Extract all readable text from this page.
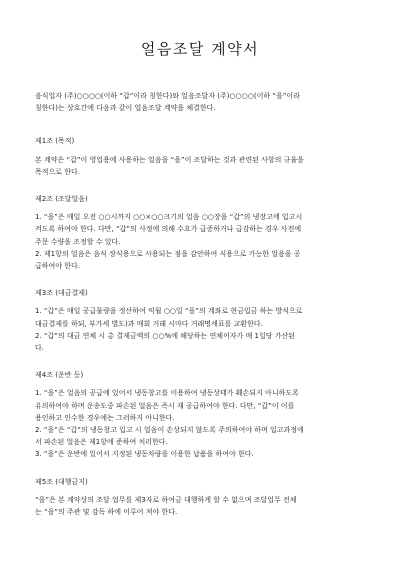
얼음조달 계약서
음식업자 (주)○○○○(이하 “갑”이라 칭한다)와 얼음조달자 (주)○○○○(이하 “을”이라
칭한다)는 상호간에 다음과 같이 얼음조달 계약을 체결한다.
제1조 (목적)
본 계약은 “갑”이 영업용에 사용하는 얼음을 “을”이 조달하는 것과 관련된 사항의 규율을
목적으로 한다.
제2조 (조달얼음)
1. “을”은 매일 오전 ○○시까지 ○○×○○크기의 얼음 ○○장을 “갑”의 냉장고에 입고시
켜도록 하여야 한다. 다만, “갑”의 사정에 의해 수요가 급증하거나 급감하는 경우 사전에
주문 수량을 조정할 수 있다.
2. 제1항의 얼음은 음식 장식용으로 사용되는 점을 감안하여 식용으로 가능한 얼음을 공
급하여야 한다.
제3조 (대금결제)
1. “갑”은 매일 공급물량을 정산하여 익월 ○○일 “을”의 계좌로 현금입금 하는 방식으로
대금결제를 하되, 부가세 별도)과 매회 거래 시마다 거래명세표를 교환한다.
2. “갑”의 대금 연체 시 총 결제금액의 ○○%에 해당하는 연체이자가 매 1일당 가산된
다.
제4조 (운반 등)
1. “을”은 얼음의 공급에 있어서 냉동창고를 이용하여 냉동상태가 훼손되지 아니하도록
유의하여야 하며 운송도중 파손된 얼음은 즉시 재 공급하여야 한다. 다만, “갑”이 이를
용인하고 인수한 경우에는 그러하지 아니한다.
2. “을”은 “갑”의 냉동창고 입고 시 얼음이 손상되지 않도록 주의하여야 하며 입고과정에
서 파손된 얼음은 제1항에 준하여 처리한다.
3. “을”은 운반에 있어서 지정된 냉동차량을 이용한 납품을 하여야 한다.
제5조 (대행금지)
“을”은 본 계약상의 조달 업무를 제3자로 하여금 대행하게 할 수 없으며 조달업무 전체
는 “을”의 주관 및 감독 하에 이루어 져야 한다.
